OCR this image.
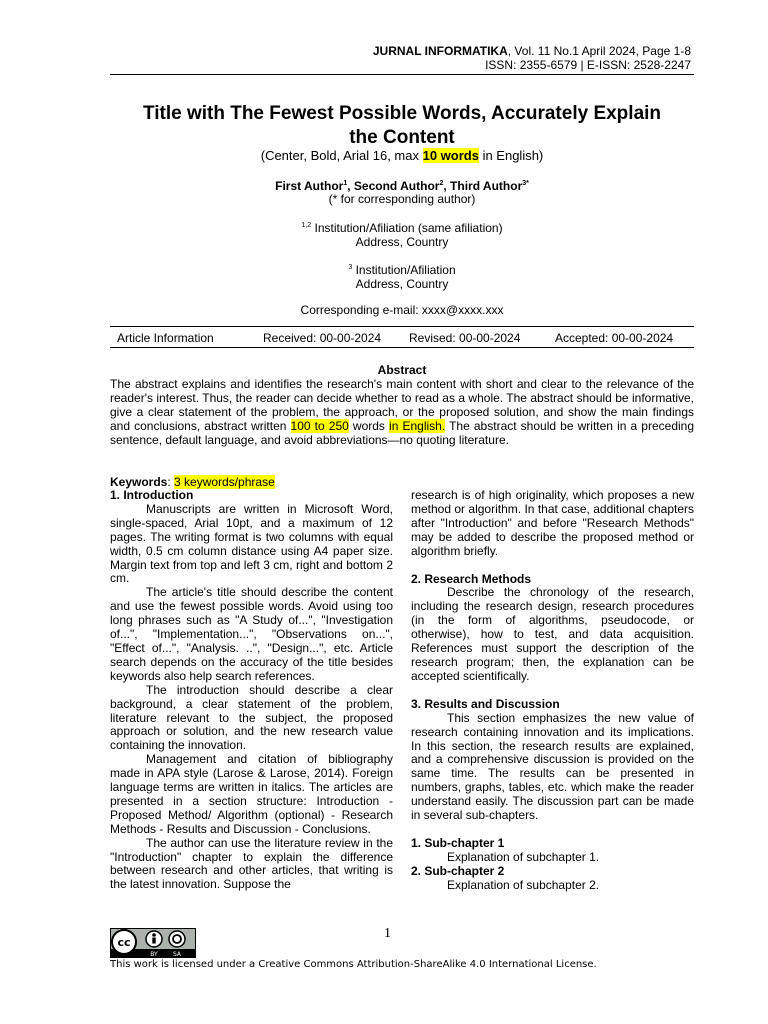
JURNAL INFORMATIKA, Vol. 11 No.1 April 2024, Page 1-8
ISSN: 2355-6579 | E-ISSN: 2528-2247
Title with The Fewest Possible Words, Accurately Explain
the Content
(Center, Bold, Arial 16, max 10 words in English)
First Author$^1$, Second Author$^2$, Third Author$^{3*}$
(* for corresponding author)
$^{1,2}$ Institution/Afiliation (same afiliation)
Address, Country
$^3$ Institution/Afiliation
Address, Country
Corresponding e-mail: xxxx@xxxx.xxx
Article Information	Received: 00-00-2024 Revised: 00-00-2024	Accepted: 00-00-2024
Abstract
The abstract explains and identifies the research's main content with short and clear to the relevance of the reader's interest. Thus, the reader can decide whether to read as a whole. The abstract should be informative, give a clear statement of the problem, the approach, or the proposed solution, and show the main findings and conclusions, abstract written 100 to 250 words in English. The abstract should be written in a preceding sentence, default language, and avoid abbreviations—no quoting literature.
Keywords: 3 keywords/phrase

1. Introduction

Manuscripts are written in Microsoft Word, single-spaced, Arial 10pt, and a maximum of 12 pages. The writing format is two columns with equal width, 0.5 cm column distance using A4 paper size. Margin text from top and left 3 cm, right and bottom 2 cm.

The article's title should describe the content and use the fewest possible words. Avoid using too long phrases such as "A Study of...", "Investigation of...", "Implementation...", "Observations on...", "Effect of...", "Analysis. ..", "Design...", etc. Article search depends on the accuracy of the title besides keywords also help search references.

The introduction should describe a clear background, a clear statement of the problem, literature relevant to the subject, the proposed approach or solution, and the new research value containing the innovation.

Management and citation of bibliography made in APA style (Larose & Larose, 2014). Foreign language terms are written in italics. The articles are presented in a section structure: Introduction - Proposed Method/ Algorithm (optional) - Research Methods - Results and Discussion - Conclusions.

The author can use the literature review in the "Introduction" chapter to explain the difference between research and other articles, that writing is the latest innovation. Suppose the

research is of high originality, which proposes a new method or algorithm. In that case, additional chapters after "Introduction" and before "Research Methods" may be added to describe the proposed method or algorithm briefly.

2. Research Methods

Describe the chronology of the research, including the research design, research procedures (in the form of algorithms, pseudocode, or otherwise), how to test, and data acquisition. References must support the description of the research program; then, the explanation can be accepted scientifically.

3. Results and Discussion

This section emphasizes the new value of research containing innovation and its implications. In this section, the research results are explained, and a comprehensive discussion is provided on the same time. The results can be presented in numbers, graphs, tables, etc. which make the reader understand easily. The discussion part can be made in several sub-chapters.

1. Sub-chapter 1

Explanation of subchapter 1.

2. Sub-chapter 2

Explanation of subchapter 2.

1
cc
BY	SA
This work is licensed under a Creative Commons Attribution-ShareAlike 4.0 International License.
